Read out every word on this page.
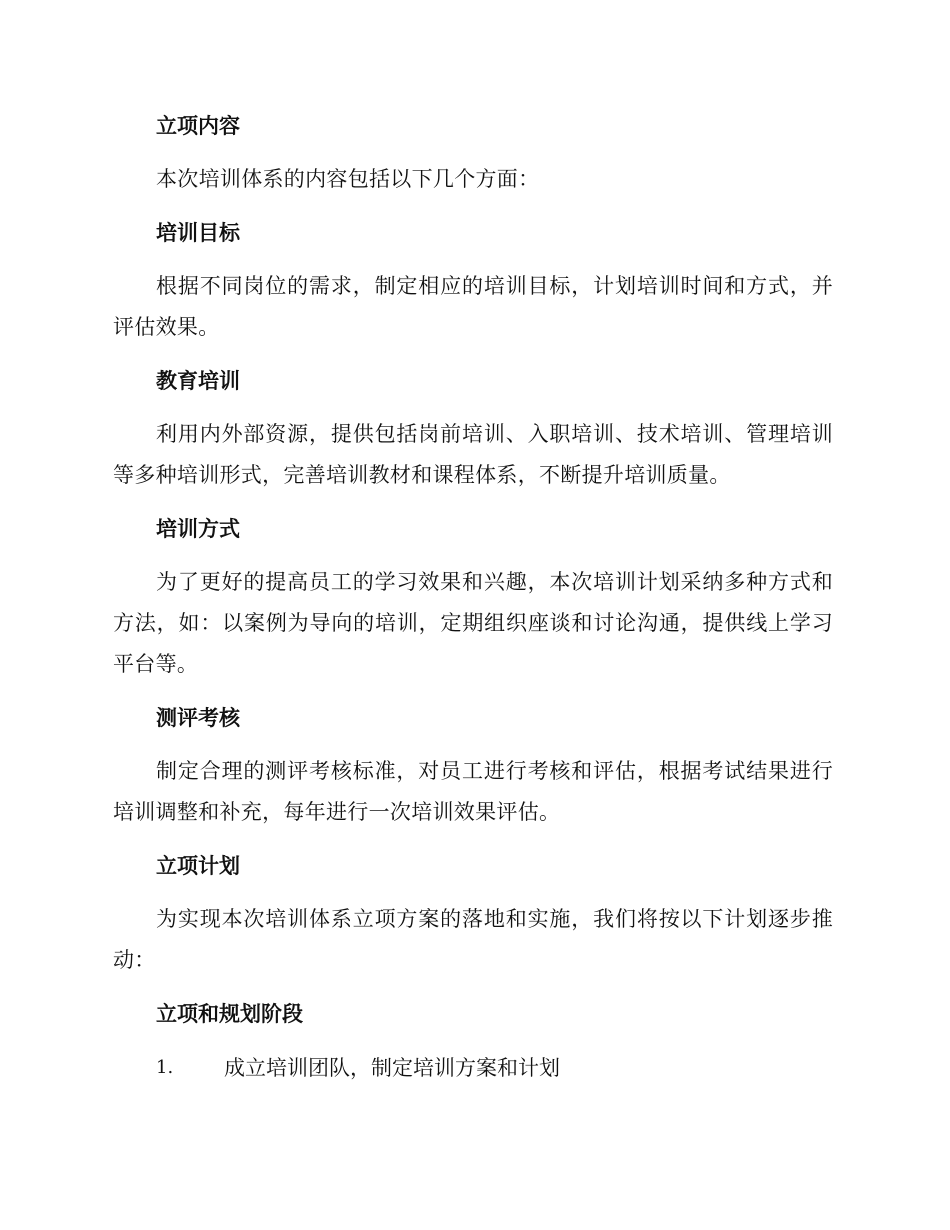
立项内容

本次培训体系的内容包括以下几个方面：

培训目标

根据不同岗位的需求，制定相应的培训目标，计划培训时间和方式，并评估效果。

教育培训

利用内外部资源，提供包括岗前培训、入职培训、技术培训、管理培训等多种培训形式，完善培训教材和课程体系，不断提升培训质量。

培训方式

为了更好的提高员工的学习效果和兴趣，本次培训计划采纳多种方式和方法，如：以案例为导向的培训，定期组织座谈和讨论沟通，提供线上学习平台等。

测评考核

制定合理的测评考核标准，对员工进行考核和评估，根据考试结果进行培训调整和补充，每年进行一次培训效果评估。

立项计划

为实现本次培训体系立项方案的落地和实施，我们将按以下计划逐步推动：

立项和规划阶段
1.	成立培训团队，制定培训方案和计划
